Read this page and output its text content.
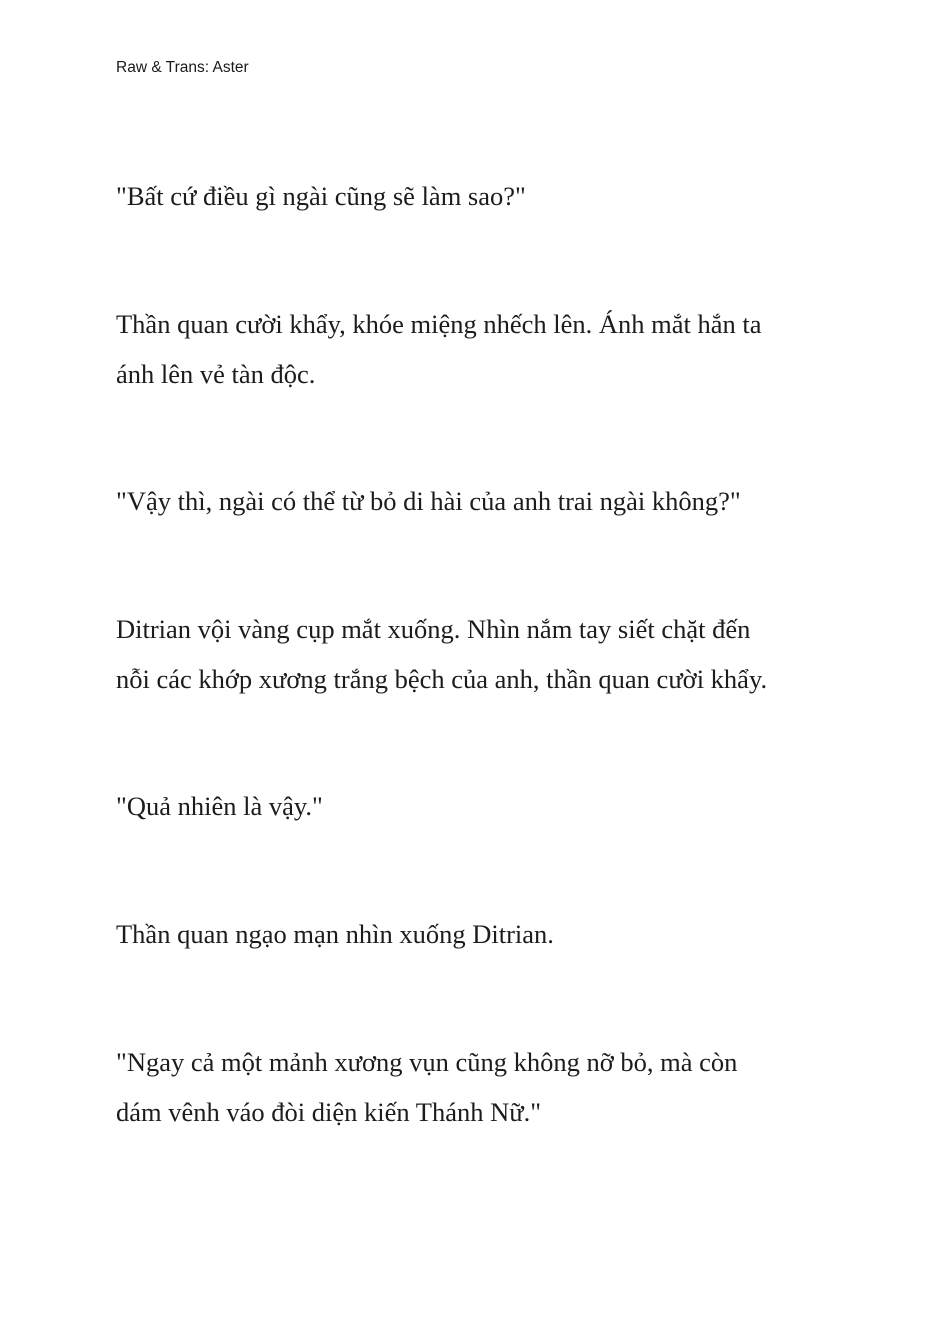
Raw & Trans: Aster

"Bất cứ điều gì ngài cũng sẽ làm sao?"

Thần quan cười khẩy, khóe miệng nhếch lên. Ánh mắt hắn ta
ánh lên vẻ tàn độc.

"Vậy thì, ngài có thể từ bỏ di hài của anh trai ngài không?"

Ditrian vội vàng cụp mắt xuống. Nhìn nắm tay siết chặt đến
nỗi các khớp xương trắng bệch của anh, thần quan cười khẩy.

"Quả nhiên là vậy."

Thần quan ngạo mạn nhìn xuống Ditrian.

"Ngay cả một mảnh xương vụn cũng không nỡ bỏ, mà còn
dám vênh váo đòi diện kiến Thánh Nữ."
